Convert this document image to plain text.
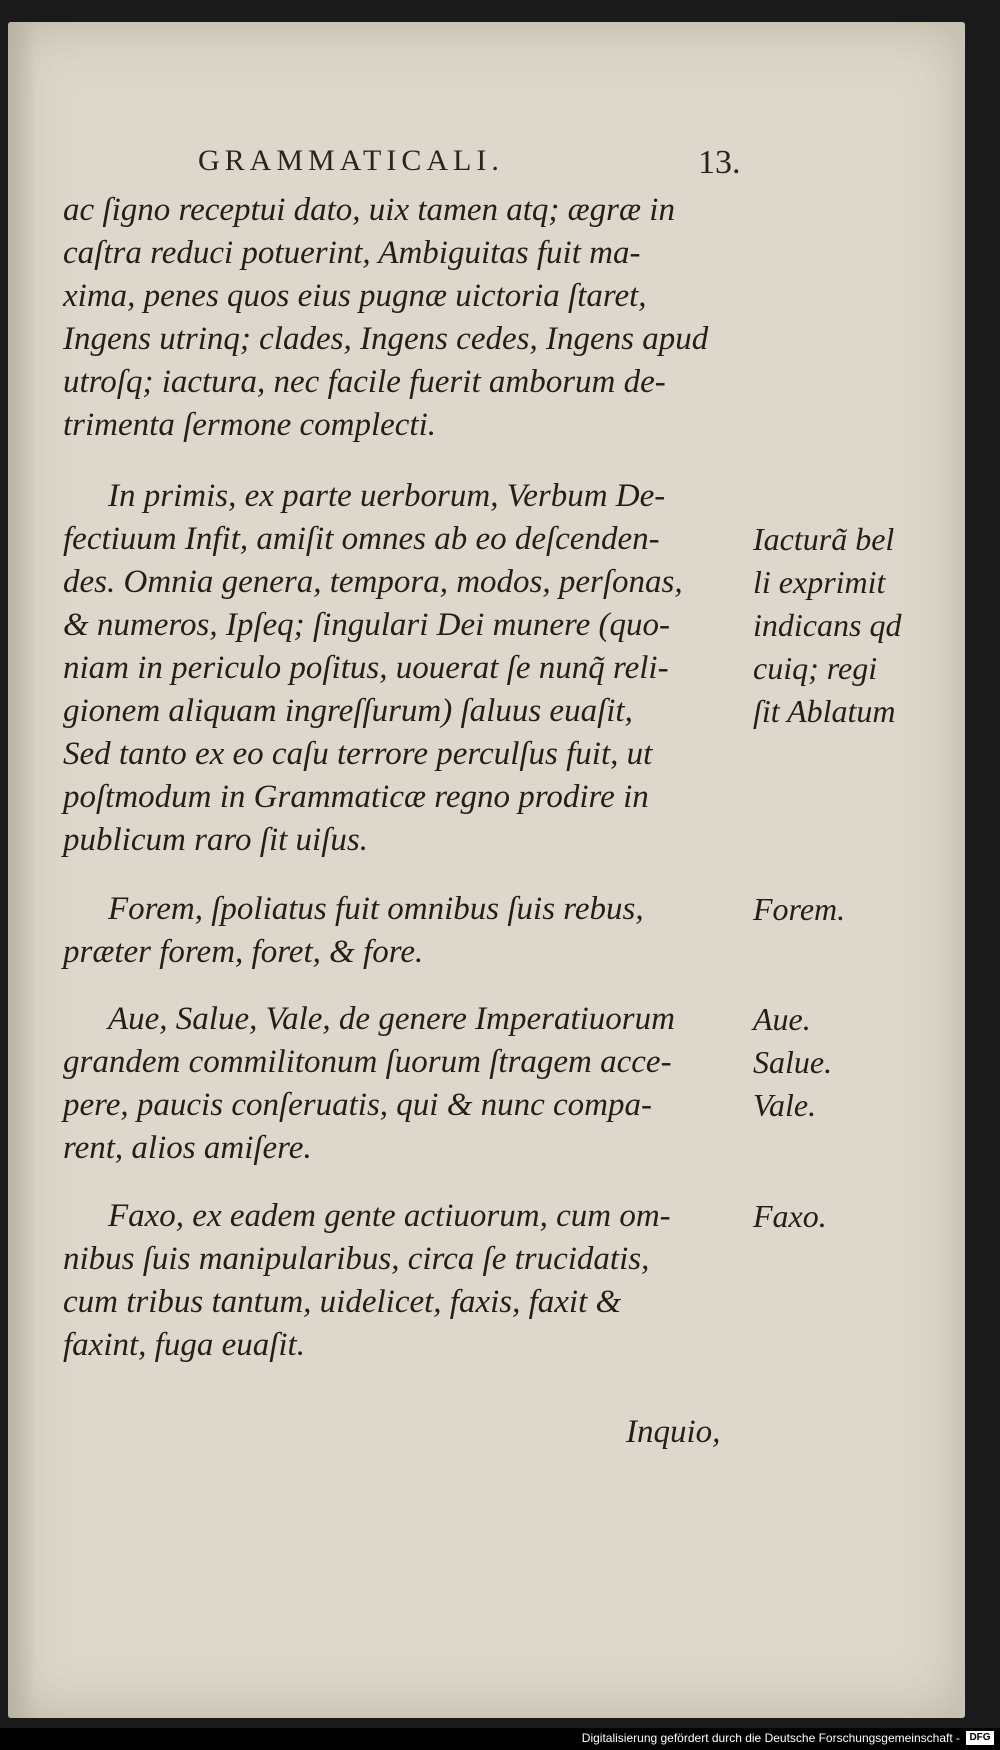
GRAMMATICALI.	13.
ac ſigno receptui dato, uix tamen atq; ægræ in
caſtra reduci potuerint, Ambiguitas fuit ma-
xima, penes quos eius pugnæ uictoria ſtaret,
Ingens utrinq; clades, Ingens cedes, Ingens apud
utroſq; iactura, nec facile fuerit amborum de-
trimenta ſermone complecti.
In primis, ex parte uerborum, Verbum De-
fectiuum Infit, amiſit omnes ab eo deſcenden-
des. Omnia genera, tempora, modos, perſonas,
& numeros, Ipſeq; ſingulari Dei munere (quo-
niam in periculo poſitus, uouerat ſe nunq̃ reli-
gionem aliquam ingreſſurum) ſaluus euaſit,
Sed tanto ex eo caſu terrore perculſus fuit, ut
poſtmodum in Grammaticæ regno prodire in
publicum raro ſit uiſus.
Forem, ſpoliatus fuit omnibus ſuis rebus,
præter forem, foret, & fore.
Aue, Salue, Vale, de genere Imperatiuorum
grandem commilitonum ſuorum ſtragem acce-
pere, paucis conſeruatis, qui & nunc compa-
rent, alios amiſere.
Faxo, ex eadem gente actiuorum, cum om-
nibus ſuis manipularibus, circa ſe trucidatis,
cum tribus tantum, uidelicet, faxis, faxit &
faxint, fuga euaſit.
Inquio,
Iacturã bel
li exprimit
indicans qd
cuiq; regi
ſit Ablatum
Forem.
Aue.
Salue.
Vale.
Faxo.
Digitalisierung gefördert durch die Deutsche Forschungsgemeinschaft - DFG
